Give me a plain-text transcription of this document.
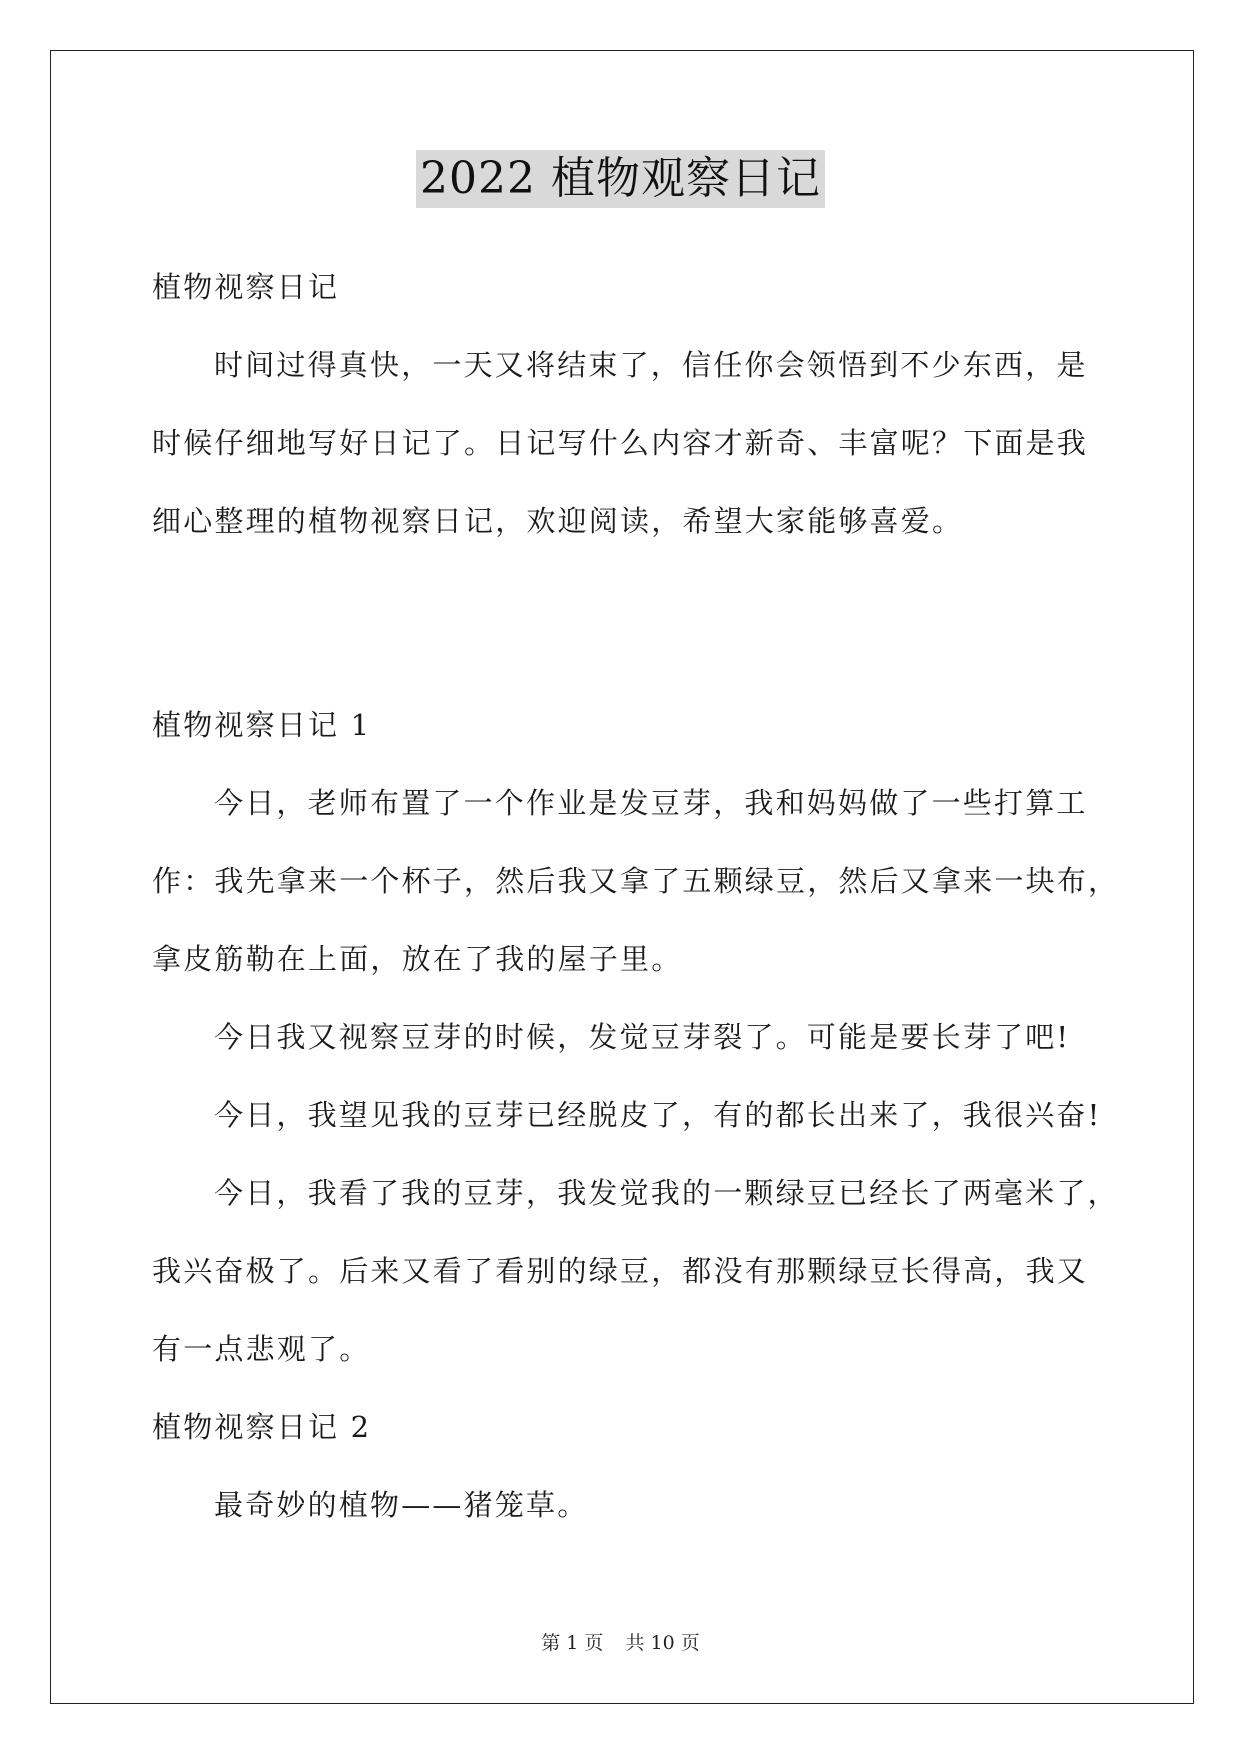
2022 植物观察日记
植物视察日记
时间过得真快，一天又将结束了，信任你会领悟到不少东西，是
时候仔细地写好日记了。日记写什么内容才新奇、丰富呢？下面是我
细心整理的植物视察日记，欢迎阅读，希望大家能够喜爱。
植物视察日记 1
今日，老师布置了一个作业是发豆芽，我和妈妈做了一些打算工
作：我先拿来一个杯子，然后我又拿了五颗绿豆，然后又拿来一块布，
拿皮筋勒在上面，放在了我的屋子里。
今日我又视察豆芽的时候，发觉豆芽裂了。可能是要长芽了吧!
今日，我望见我的豆芽已经脱皮了，有的都长出来了，我很兴奋!
今日，我看了我的豆芽，我发觉我的一颗绿豆已经长了两毫米了，
我兴奋极了。后来又看了看别的绿豆，都没有那颗绿豆长得高，我又
有一点悲观了。
植物视察日记 2
最奇妙的植物——猪笼草。
第 1 页 共 10 页
